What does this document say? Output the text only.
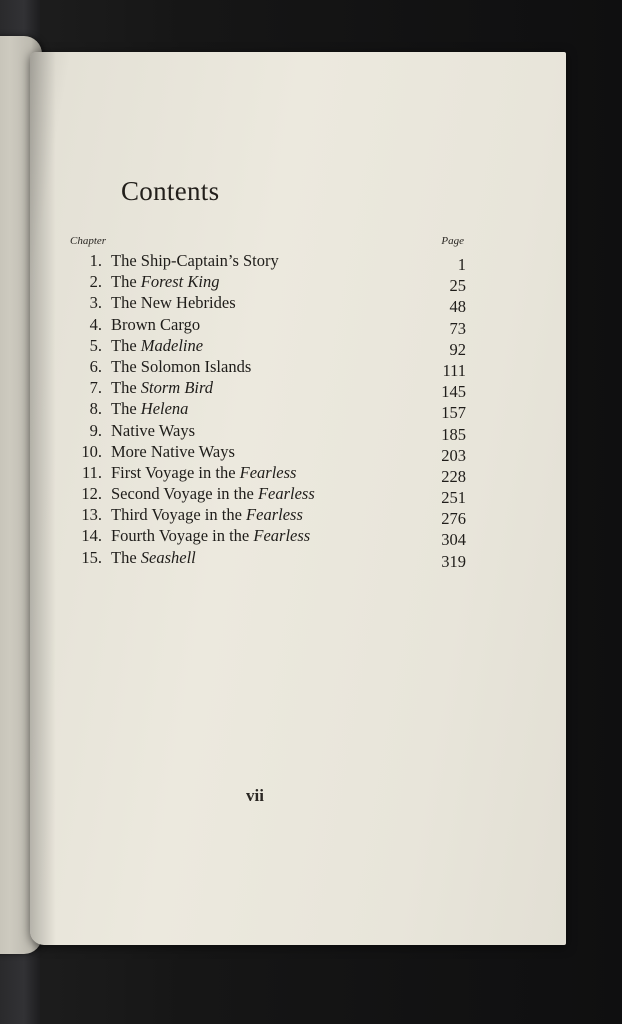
Contents
Chapter	Page
1. The Ship-Captain’s Story	1
2. The Forest King	25
3. The New Hebrides	48
4. Brown Cargo	73
5. The Madeline	92
6. The Solomon Islands	111
7. The Storm Bird	145
8. The Helena	157
9. Native Ways	185
10. More Native Ways	203
11. First Voyage in the Fearless	228
12. Second Voyage in the Fearless	251
13. Third Voyage in the Fearless	276
14. Fourth Voyage in the Fearless	304
15. The Seashell	319
vii
